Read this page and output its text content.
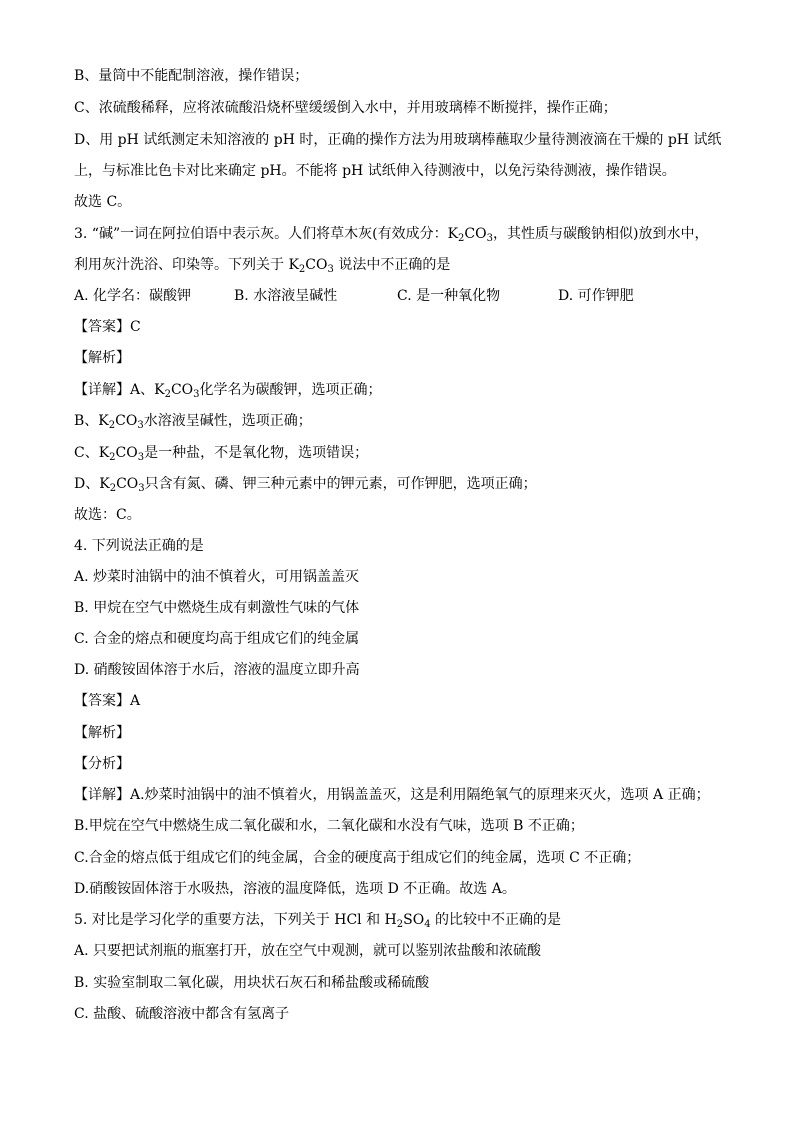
B、量筒中不能配制溶液，操作错误；
C、浓硫酸稀释，应将浓硫酸沿烧杯壁缓缓倒入水中，并用玻璃棒不断搅拌，操作正确；
D、用 pH 试纸测定未知溶液的 pH 时，正确的操作方法为用玻璃棒蘸取少量待测液滴在干燥的 pH 试纸
上，与标准比色卡对比来确定 pH。不能将 pH 试纸伸入待测液中，以免污染待测液，操作错误。
故选 C。
3. “碱”一词在阿拉伯语中表示灰。人们将草木灰(有效成分：$K_2CO_3$，其性质与碳酸钠相似)放到水中，
利用灰汁洗浴、印染等。下列关于 $K_2CO_3$ 说法中不正确的是
A. 化学名：碳酸钾	B. 水溶液呈碱性	C. 是一种氧化物	D. 可作钾肥
【答案】C
【解析】
【详解】A、$K_2CO_3$化学名为碳酸钾，选项正确；
B、$K_2CO_3$水溶液呈碱性，选项正确；
C、$K_2CO_3$是一种盐，不是氧化物，选项错误；
D、$K_2CO_3$只含有氮、磷、钾三种元素中的钾元素，可作钾肥，选项正确；
故选：C。
4. 下列说法正确的是
A. 炒菜时油锅中的油不慎着火，可用锅盖盖灭
B. 甲烷在空气中燃烧生成有刺激性气味的气体
C. 合金的熔点和硬度均高于组成它们的纯金属
D. 硝酸铵固体溶于水后，溶液的温度立即升高
【答案】A
【解析】
【分析】
【详解】A.炒菜时油锅中的油不慎着火，用锅盖盖灭，这是利用隔绝氧气的原理来灭火，选项 A 正确；
B.甲烷在空气中燃烧生成二氧化碳和水，二氧化碳和水没有气味，选项 B 不正确；
C.合金的熔点低于组成它们的纯金属，合金的硬度高于组成它们的纯金属，选项 C 不正确；
D.硝酸铵固体溶于水吸热，溶液的温度降低，选项 D 不正确。故选 A。
5. 对比是学习化学的重要方法，下列关于 HCl 和 $H_2SO_4$ 的比较中不正确的是
A. 只要把试剂瓶的瓶塞打开，放在空气中观测，就可以鉴别浓盐酸和浓硫酸
B. 实验室制取二氧化碳，用块状石灰石和稀盐酸或稀硫酸
C. 盐酸、硫酸溶液中都含有氢离子
